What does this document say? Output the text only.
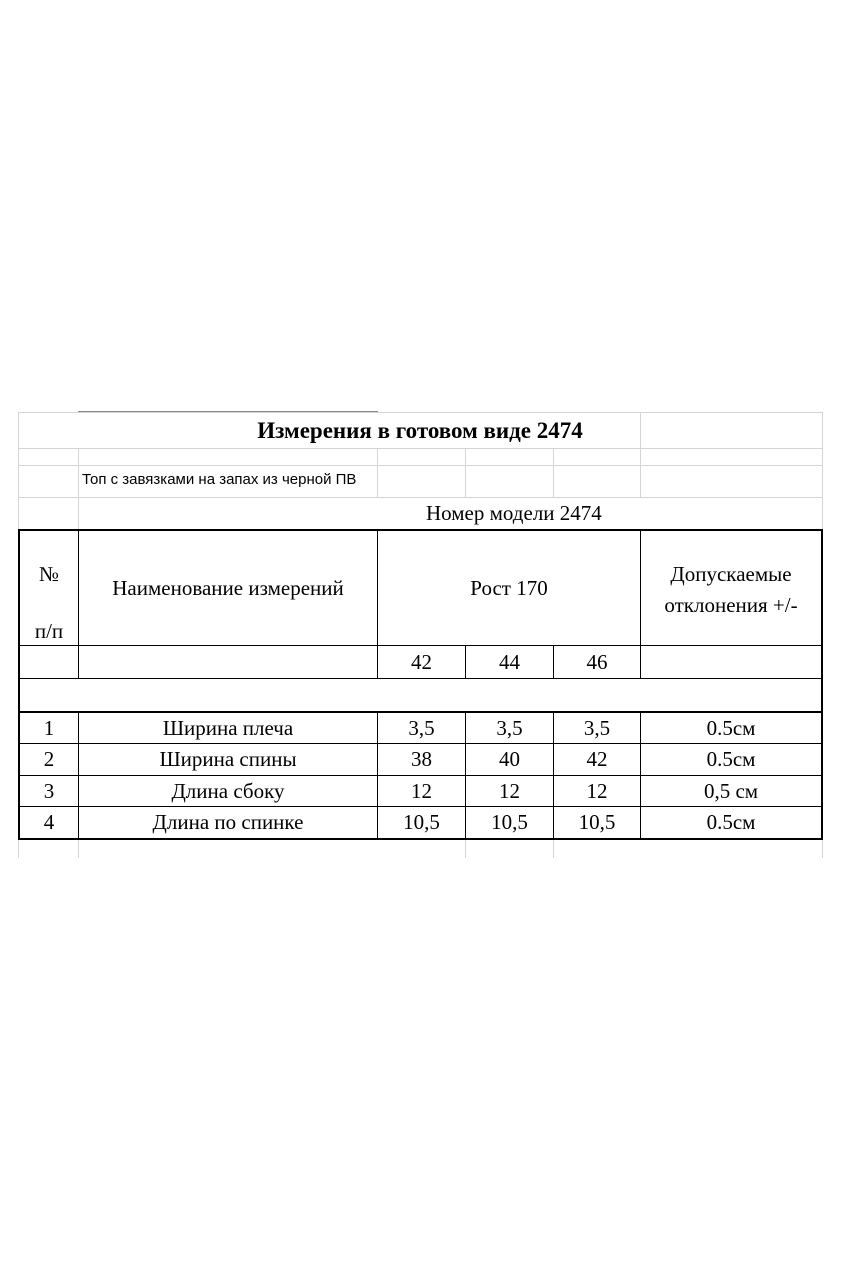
Измерения в готовом виде 2474
Топ с завязками на запах из черной ПВ
Номер модели 2474
№
п/п
Наименование измерений	Рост 170
Допускаемые
отклонения +/-
42	44	46
1	Ширина плеча	3,5	3,5	3,5	0.5см
2	Ширина спины	38	40	42	0.5см
3	Длина сбоку	12	12	12	0,5 см
4	Длина по спинке	10,5	10,5	10,5	0.5см
